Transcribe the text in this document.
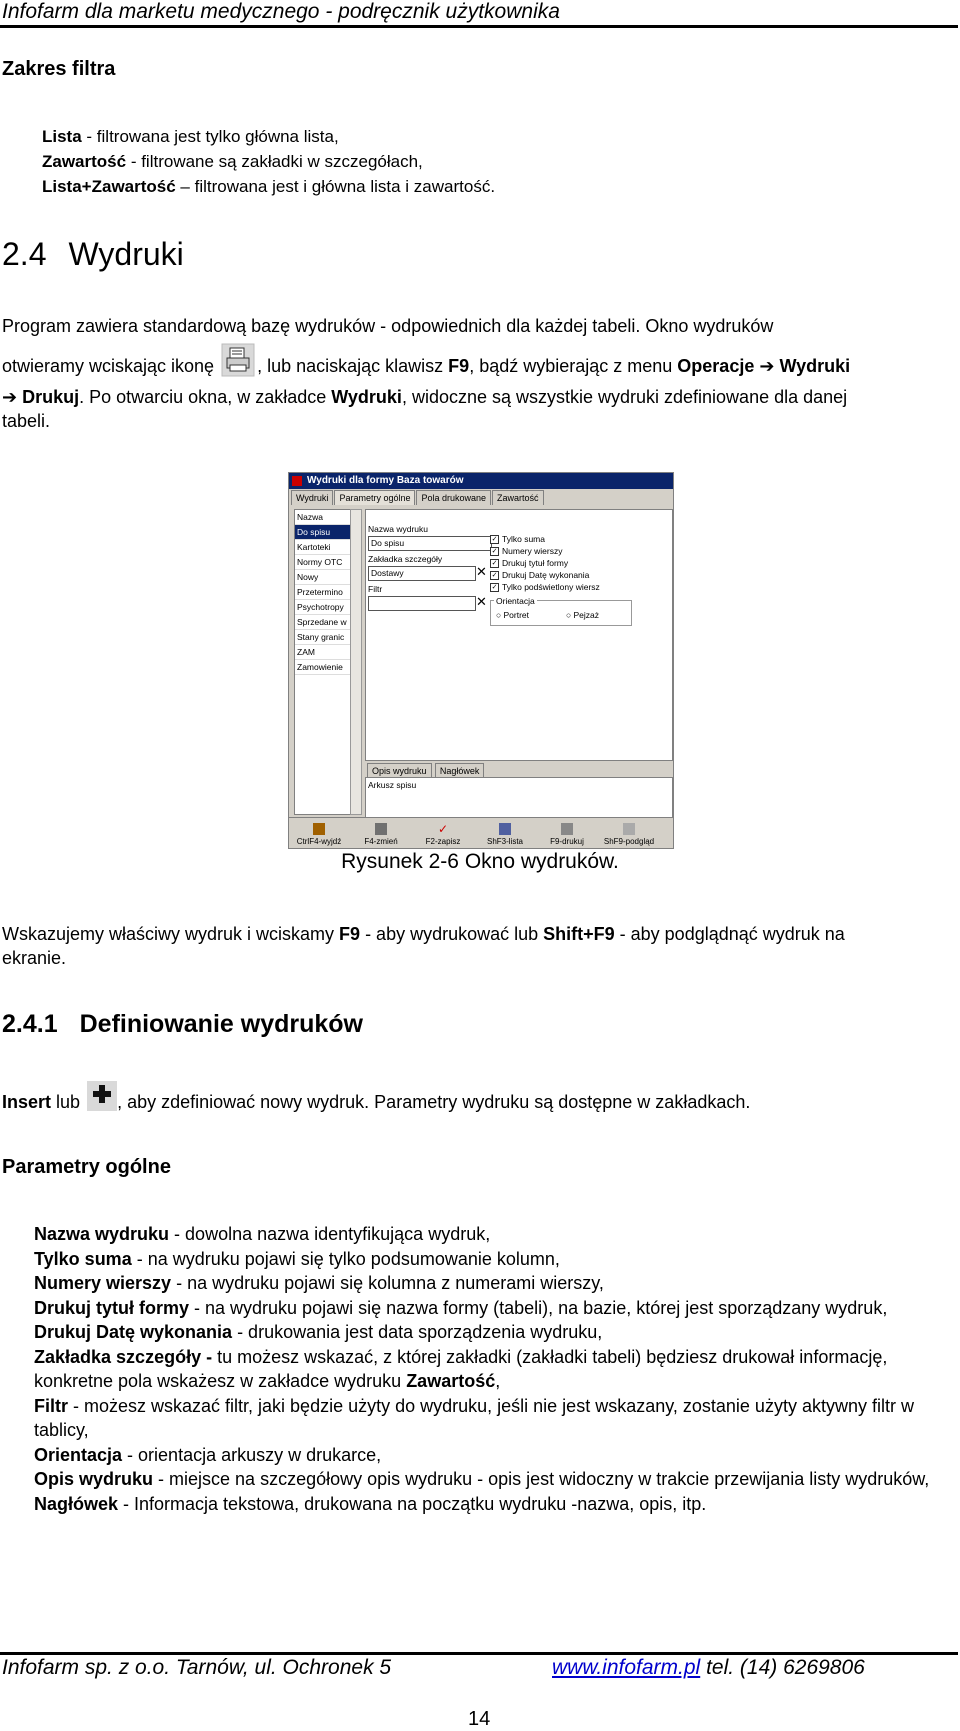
Infofarm dla marketu medycznego - podręcznik użytkownika
Zakres filtra
Lista - filtrowana jest tylko główna lista,
Zawartość - filtrowane są zakładki w szczegółach,
Lista+Zawartość – filtrowana jest i główna lista i zawartość.
2.4 Wydruki
Program zawiera standardową bazę wydruków - odpowiednich dla każdej tabeli. Okno wydruków
otwieramy wciskając ikonę , lub naciskając klawisz F9, bądź wybierając z menu Operacje ➔ Wydruki
➔ Drukuj. Po otwarciu okna, w zakładce Wydruki, widoczne są wszystkie wydruki zdefiniowane dla danej
tabeli.
Wydruki dla formy Baza towarów
Wydruki	Parametry ogólne	Pola drukowane	Zawartość
Nazwa
Do spisu
Kartoteki
Normy OTC
Nowy
Przetermino
Psychotropy
Sprzedane w
Stany granic
ZAM
Zamowienie
Nazwa wydruku
Do spisu
Zakładka szczegóły
Dostawy	✕
Filtr
✕
✓ Tylko suma
✓ Numery wierszy
✓ Drukuj tytuł formy
✓ Drukuj Datę wykonania
✓ Tylko podświetlony wiersz
Orientacja
○ Portret	○ Pejzaż
Opis wydruku Nagłówek
Arkusz spisu
CtrlF4-wyjdź	F4-zmień
✓
F2-zapisz	ShF3-lista	F9-drukuj	ShF9-podgląd
Rysunek 2-6 Okno wydruków.
Wskazujemy właściwy wydruk i wciskamy F9 - aby wydrukować lub Shift+F9 - aby podglądnąć wydruk na
ekranie.
2.4.1 Definiowanie wydruków
Insert lub , aby zdefiniować nowy wydruk. Parametry wydruku są dostępne w zakładkach.
Parametry ogólne

Nazwa wydruku - dowolna nazwa identyfikująca wydruk,

Tylko suma - na wydruku pojawi się tylko podsumowanie kolumn,

Numery wierszy - na wydruku pojawi się kolumna z numerami wierszy,

Drukuj tytuł formy - na wydruku pojawi się nazwa formy (tabeli), na bazie, której jest sporządzany wydruk,

Drukuj Datę wykonania - drukowania jest data sporządzenia wydruku,

Zakładka szczegóły - tu możesz wskazać, z której zakładki (zakładki tabeli) będziesz drukował informację, konkretne pola wskażesz w zakładce wydruku Zawartość,

Filtr - możesz wskazać filtr, jaki będzie użyty do wydruku, jeśli nie jest wskazany, zostanie użyty aktywny filtr w tablicy,

Orientacja - orientacja arkuszy w drukarce,

Opis wydruku - miejsce na szczegółowy opis wydruku - opis jest widoczny w trakcie przewijania listy wydruków,

Nagłówek - Informacja tekstowa, drukowana na początku wydruku -nazwa, opis, itp.

Infofarm sp. z o.o. Tarnów, ul. Ochronek 5	www.infofarm.pl tel. (14) 6269806
14
